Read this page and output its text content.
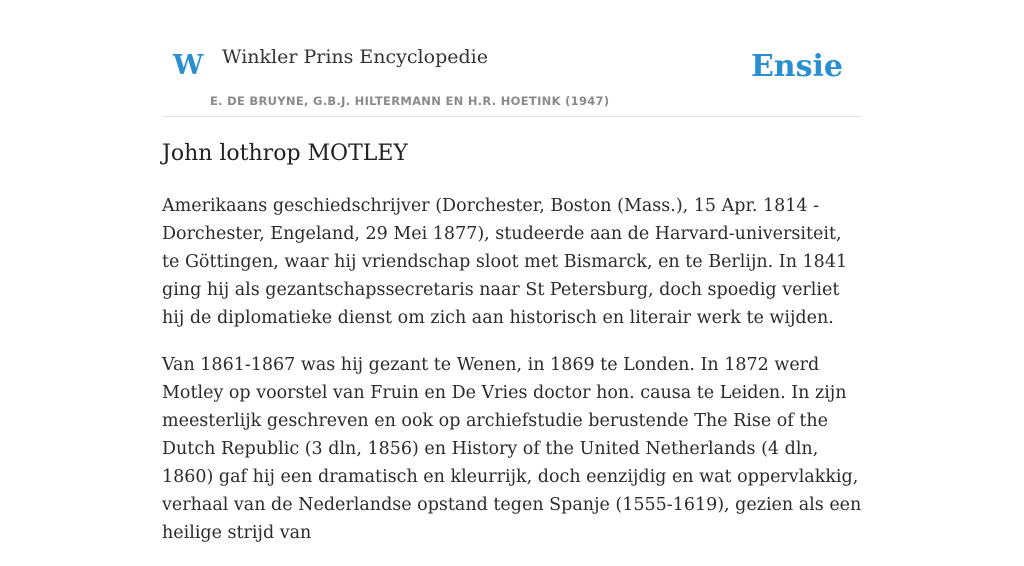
W Winkler Prins Encyclopedie
E. DE BRUYNE, G.B.J. HILTERMANN EN H.R. HOETINK (1947)
Ensie
John lothrop MOTLEY

Amerikaans geschiedschrijver (Dorchester, Boston (Mass.), 15 Apr. 1814 - Dorchester, Engeland, 29 Mei 1877), studeerde aan de Harvard-universiteit, te Göttingen, waar hij vriendschap sloot met Bismarck, en te Berlijn. In 1841 ging hij als gezantschapssecretaris naar St Petersburg, doch spoedig verliet hij de diplomatieke dienst om zich aan historisch en literair werk te wijden.

Van 1861-1867 was hij gezant te Wenen, in 1869 te Londen. In 1872 werd Motley op voorstel van Fruin en De Vries doctor hon. causa te Leiden. In zijn meesterlijk geschreven en ook op archiefstudie berustende The Rise of the Dutch Republic (3 dln, 1856) en History of the United Netherlands (4 dln, 1860) gaf hij een dramatisch en kleurrijk, doch eenzijdig en wat oppervlakkig, verhaal van de Nederlandse opstand tegen Spanje (1555-1619), gezien als een heilige strijd van
